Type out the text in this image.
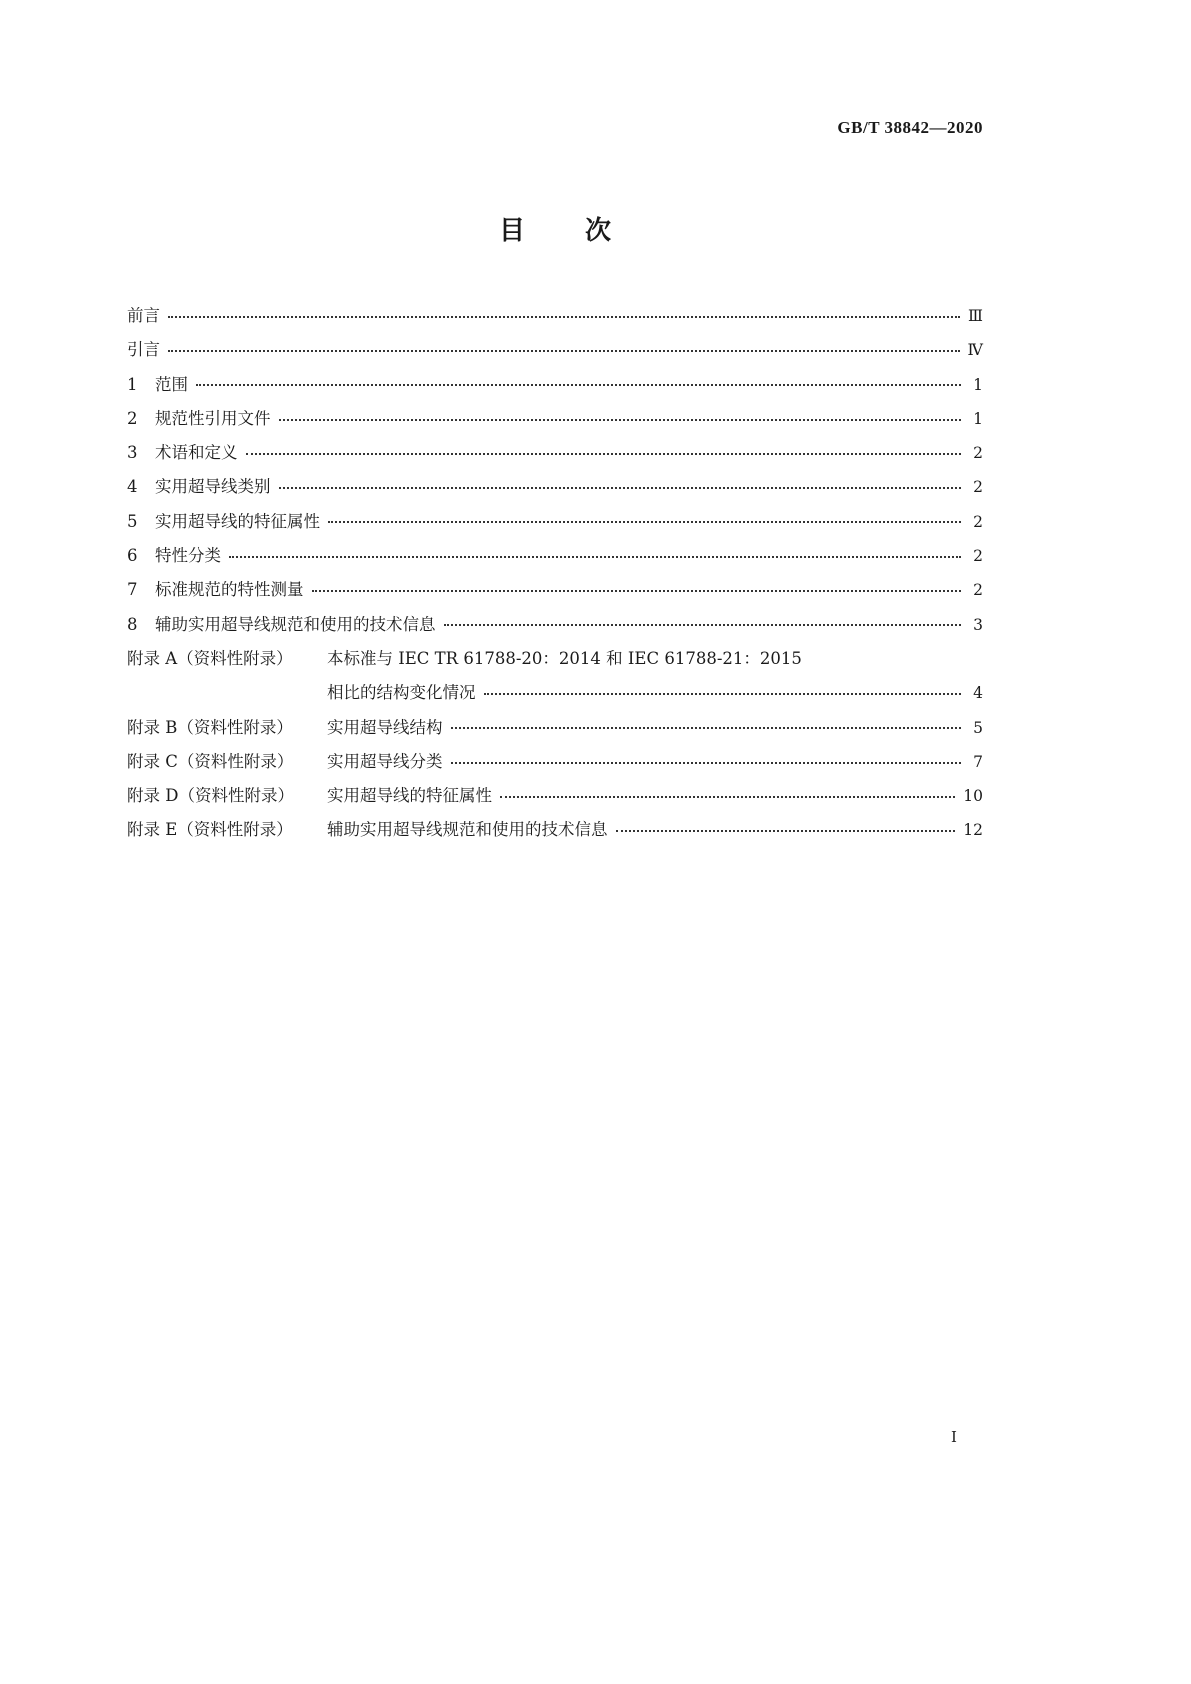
GB/T 38842—2020
目 次
前言	Ⅲ
引言	Ⅳ
1	范围	1
2	规范性引用文件	1
3	术语和定义	2
4	实用超导线类别	2
5	实用超导线的特征属性	2
6	特性分类	2
7	标准规范的特性测量	2
8	辅助实用超导线规范和使用的技术信息	3
附录 A（资料性附录）	本标准与 IEC TR 61788-20：2014 和 IEC 61788-21：2015
相比的结构变化情况	4
附录 B（资料性附录）	实用超导线结构	5
附录 C（资料性附录）	实用超导线分类	7
附录 D（资料性附录）	实用超导线的特征属性	10
附录 E（资料性附录）	辅助实用超导线规范和使用的技术信息	12
I
